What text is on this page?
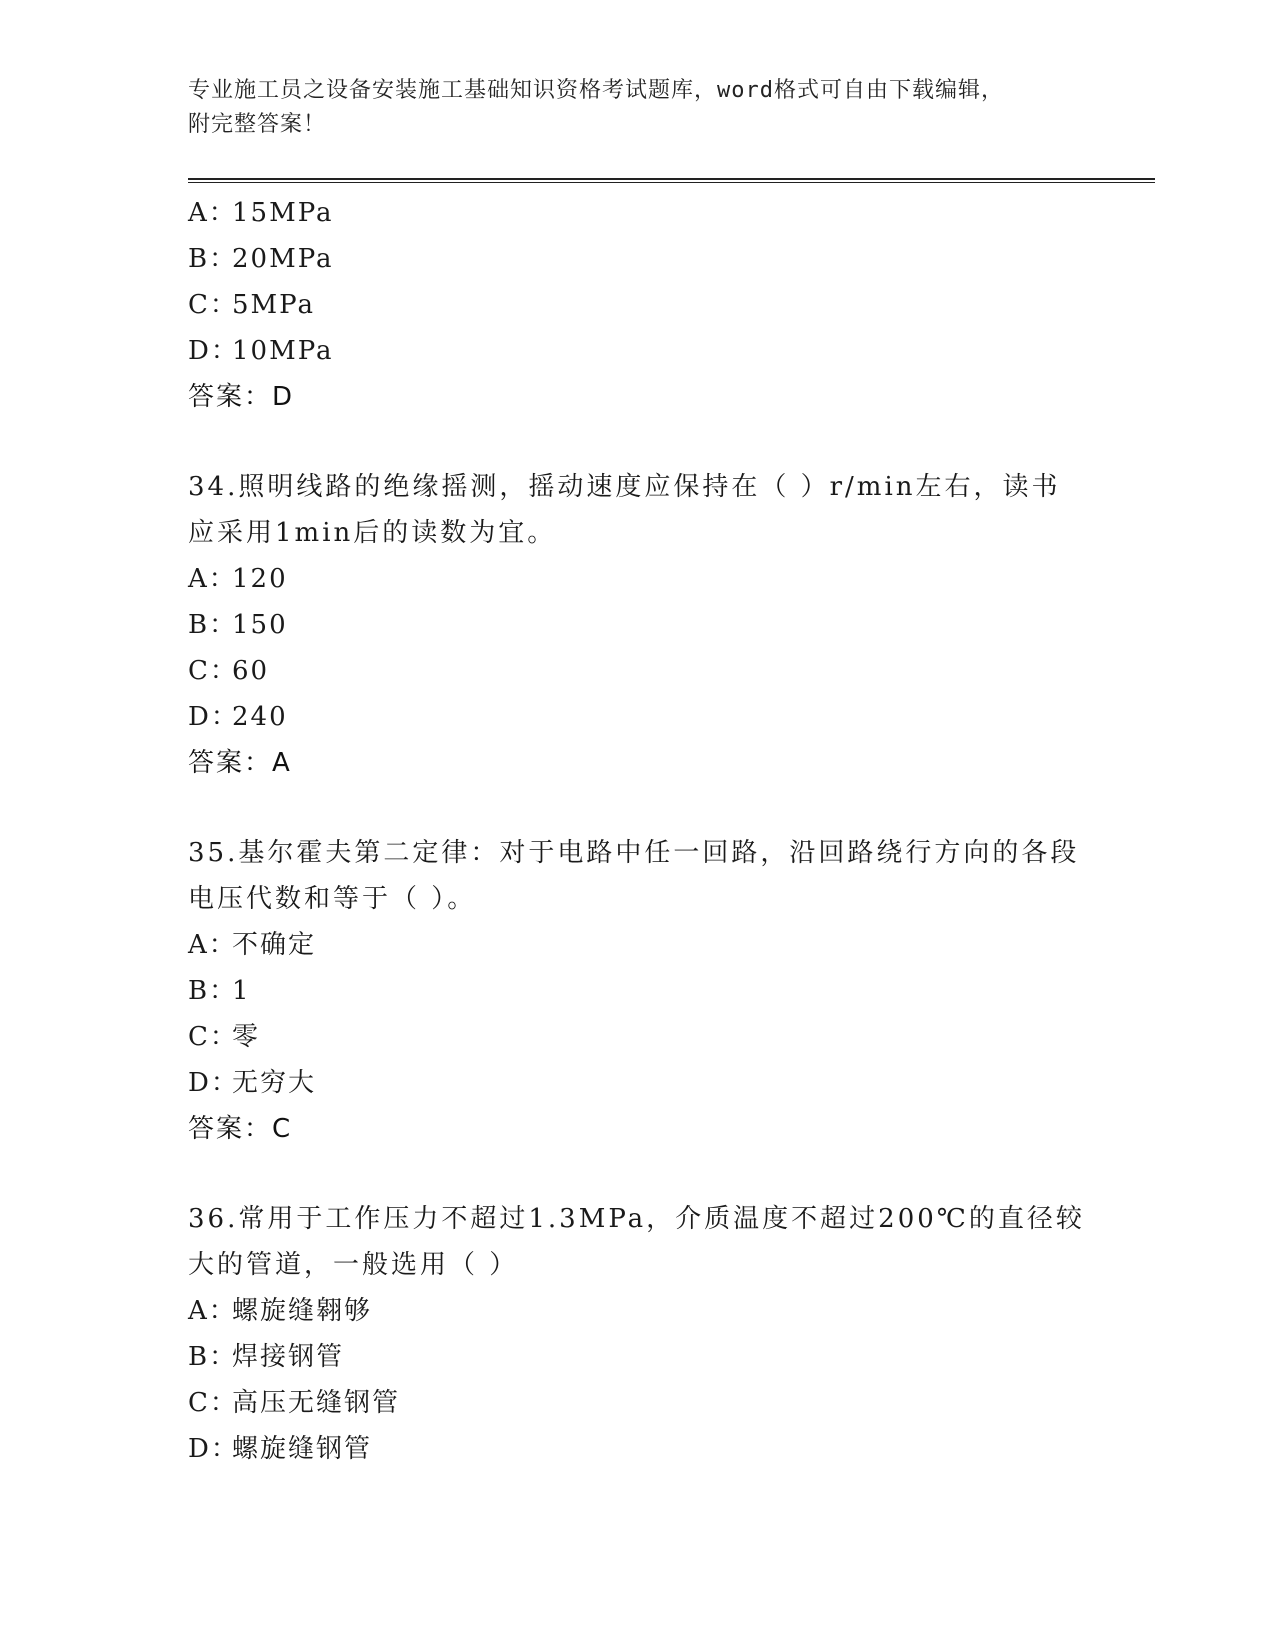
专业施工员之设备安装施工基础知识资格考试题库，word格式可自由下载编辑，
附完整答案！
A：15MPa
B：20MPa
C：5MPa
D：10MPa
答案：D
34.照明线路的绝缘摇测，摇动速度应保持在（ ）r/min左右，读书应采用1min后的读数为宜。
A：120
B：150
C：60
D：240
答案：A
35.基尔霍夫第二定律：对于电路中任一回路，沿回路绕行方向的各段电压代数和等于（ ）。
A：不确定
B：1
C：零
D：无穷大
答案：C
36.常用于工作压力不超过1.3MPa，介质温度不超过200℃的直径较大的管道，一般选用（ ）
A：螺旋缝翱够
B：焊接钢管
C：高压无缝钢管
D：螺旋缝钢管
